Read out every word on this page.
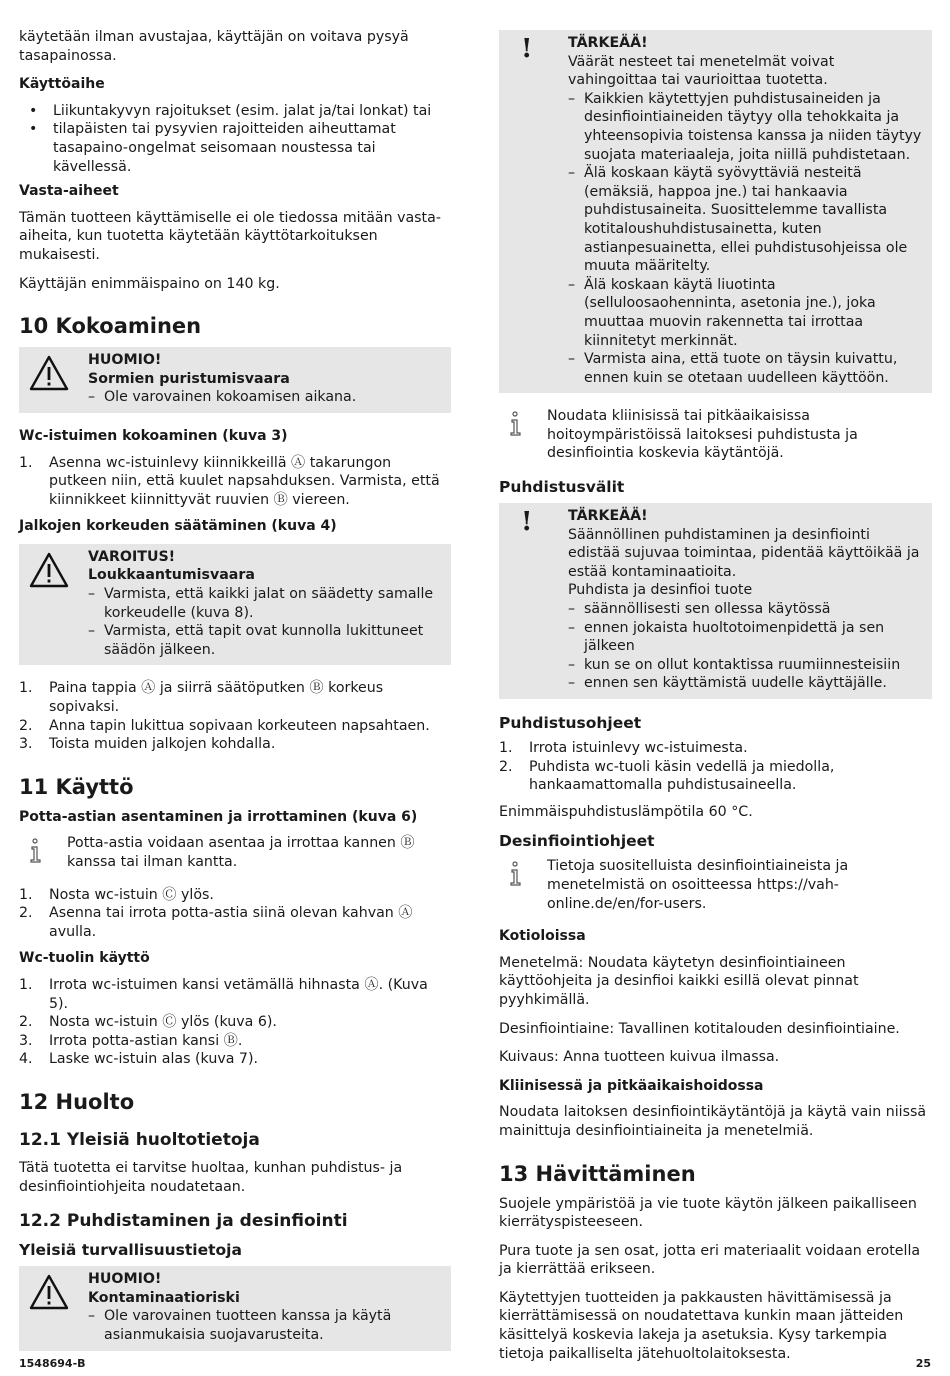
käytetään ilman avustajaa, käyttäjän on voitava pysyä tasapainossa.

Käyttöaihe
• Liikuntakyvyn rajoitukset (esim. jalat ja/tai lonkat) tai
• tilapäisten tai pysyvien rajoitteiden aiheuttamat tasapaino-ongelmat seisomaan noustessa tai kävellessä.
Vasta-aiheet

Tämän tuotteen käyttämiselle ei ole tiedossa mitään vasta-aiheita, kun tuotetta käytetään käyttötarkoituksen mukaisesti.

Käyttäjän enimmäispaino on 140 kg.

10 Kokoaminen
HUOMIO!
Sormien puristumisvaara
– Ole varovainen kokoamisen aikana.
Wc-istuimen kokoaminen (kuva 3)
1. Asenna wc-istuinlevy kiinnikkeillä Ⓐ takarungon putkeen niin, että kuulet napsahduksen. Varmista, että kiinnikkeet kiinnittyvät ruuvien Ⓑ viereen.
Jalkojen korkeuden säätäminen (kuva 4)
VAROITUS!
Loukkaantumisvaara
– Varmista, että kaikki jalat on säädetty samalle korkeudelle (kuva 8).
– Varmista, että tapit ovat kunnolla lukittuneet säädön jälkeen.
1. Paina tappia Ⓐ ja siirrä säätöputken Ⓑ korkeus sopivaksi.
2. Anna tapin lukittua sopivaan korkeuteen napsahtaen.
3. Toista muiden jalkojen kohdalla.
11 Käyttö
Potta-astian asentaminen ja irrottaminen (kuva 6)
Potta-astia voidaan asentaa ja irrottaa kannen Ⓑ kanssa tai ilman kantta.
1. Nosta wc-istuin Ⓒ ylös.
2. Asenna tai irrota potta-astia siinä olevan kahvan Ⓐ avulla.
Wc-tuolin käyttö
1. Irrota wc-istuimen kansi vetämällä hihnasta Ⓐ. (Kuva 5).
2. Nosta wc-istuin Ⓒ ylös (kuva 6).
3. Irrota potta-astian kansi Ⓑ.
4. Laske wc-istuin alas (kuva 7).
12 Huolto
12.1 Yleisiä huoltotietoja

Tätä tuotetta ei tarvitse huoltaa, kunhan puhdistus- ja desinfiointiohjeita noudatetaan.

12.2 Puhdistaminen ja desinfiointi
Yleisiä turvallisuustietoja
HUOMIO!
Kontaminaatioriski
– Ole varovainen tuotteen kanssa ja käytä asianmukaisia suojavarusteita.
!	TÄRKEÄÄ!
Väärät nesteet tai menetelmät voivat vahingoittaa tai vaurioittaa tuotetta.
– Kaikkien käytettyjen puhdistusaineiden ja desinfiointiaineiden täytyy olla tehokkaita ja yhteensopivia toistensa kanssa ja niiden täytyy suojata materiaaleja, joita niillä puhdistetaan.
– Älä koskaan käytä syövyttäviä nesteitä (emäksiä, happoa jne.) tai hankaavia puhdistusaineita. Suosittelemme tavallista kotitaloushuhdistusainetta, kuten astianpesuainetta, ellei puhdistusohjeissa ole muuta määritelty.
– Älä koskaan käytä liuotinta (selluloosaohenninta, asetonia jne.), joka muuttaa muovin rakennetta tai irrottaa kiinnitetyt merkinnät.
– Varmista aina, että tuote on täysin kuivattu, ennen kuin se otetaan uudelleen käyttöön.
Noudata kliinisissä tai pitkäaikaisissa hoitoympäristöissä laitoksesi puhdistusta ja desinfiointia koskevia käytäntöjä.
Puhdistusvälit
!	TÄRKEÄÄ!
Säännöllinen puhdistaminen ja desinfiointi edistää sujuvaa toimintaa, pidentää käyttöikää ja estää kontaminaatioita.
Puhdista ja desinfioi tuote
– säännöllisesti sen ollessa käytössä
– ennen jokaista huoltotoimenpidettä ja sen jälkeen
– kun se on ollut kontaktissa ruumiinnesteisiin
– ennen sen käyttämistä uudelle käyttäjälle.
Puhdistusohjeet
1. Irrota istuinlevy wc-istuimesta.
2. Puhdista wc-tuoli käsin vedellä ja miedolla, hankaamattomalla puhdistusaineella.

Enimmäispuhdistuslämpötila 60 °C.

Desinfiointiohjeet
Tietoja suositelluista desinfiointiaineista ja menetelmistä on osoitteessa https://vah-online.de/en/for-users.
Kotioloissa

Menetelmä: Noudata käytetyn desinfiointiaineen käyttöohjeita ja desinfioi kaikki esillä olevat pinnat pyyhkimällä.

Desinfiointiaine: Tavallinen kotitalouden desinfiointiaine.

Kuivaus: Anna tuotteen kuivua ilmassa.

Kliinisessä ja pitkäaikaishoidossa

Noudata laitoksen desinfiointikäytäntöjä ja käytä vain niissä mainittuja desinfiointiaineita ja menetelmiä.

13 Hävittäminen

Suojele ympäristöä ja vie tuote käytön jälkeen paikalliseen kierrätyspisteeseen.

Pura tuote ja sen osat, jotta eri materiaalit voidaan erotella ja kierrättää erikseen.

Käytettyjen tuotteiden ja pakkausten hävittämisessä ja kierrättämisessä on noudatettava kunkin maan jätteiden käsittelyä koskevia lakeja ja asetuksia. Kysy tarkempia tietoja paikalliselta jätehuoltolaitoksesta.

1548694-B	25
